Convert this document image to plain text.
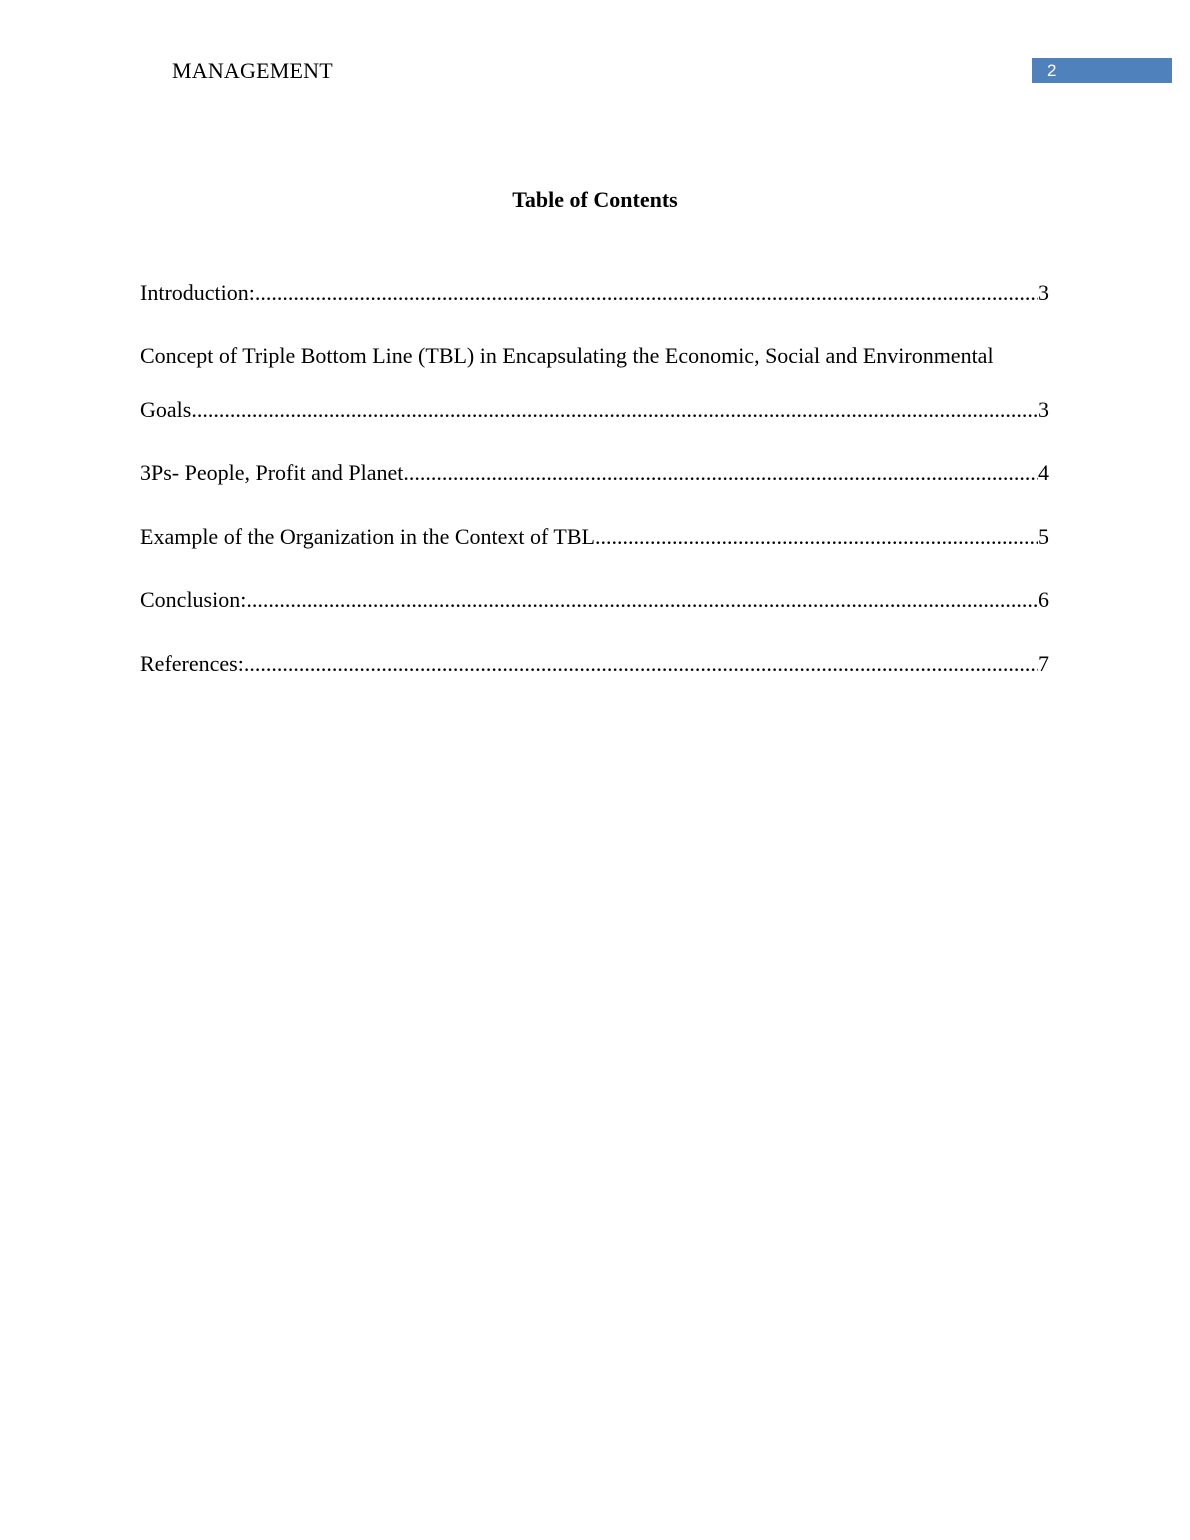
MANAGEMENT	2
Table of Contents
Introduction: .....	3
Concept of Triple Bottom Line (TBL) in Encapsulating the Economic, Social and Environmental
Goals .....	3
3Ps- People, Profit and Planet .....	4
Example of the Organization in the Context of TBL .....	5
Conclusion: .....	6
References: .....	7
